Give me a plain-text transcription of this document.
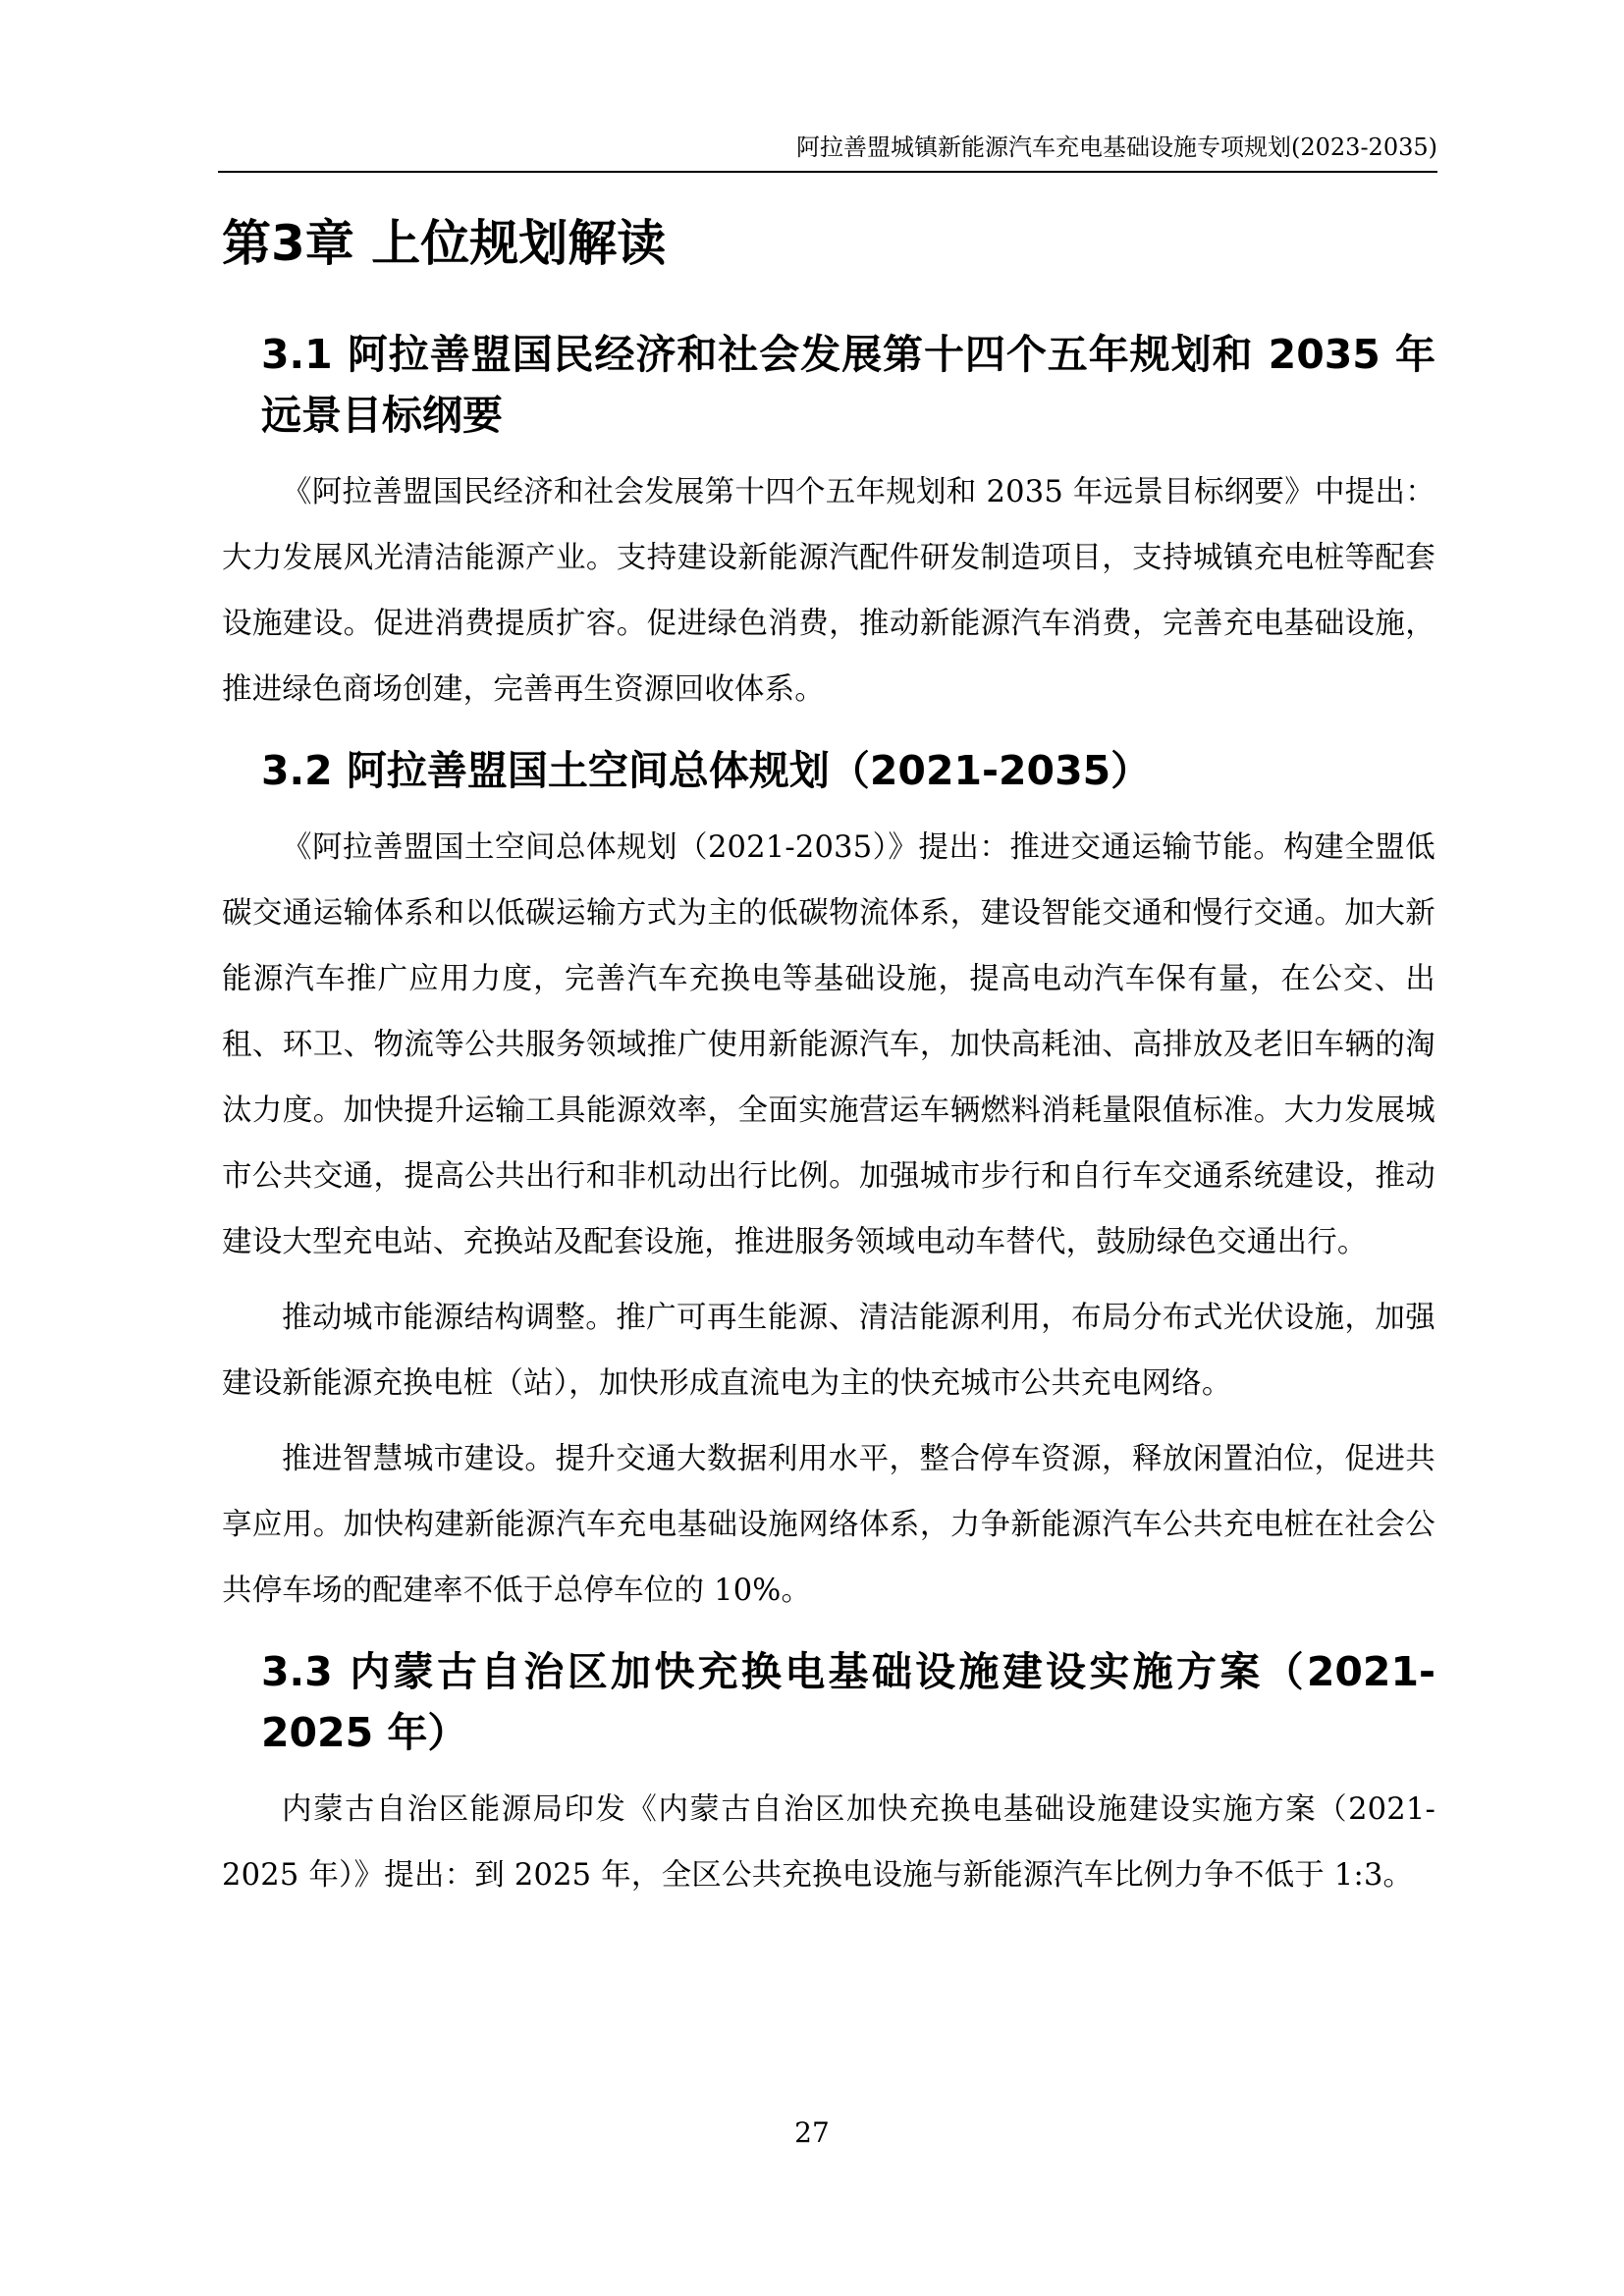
阿拉善盟城镇新能源汽车充电基础设施专项规划(2023-2035)
第3章 上位规划解读
3.1 阿拉善盟国民经济和社会发展第十四个五年规划和 2035 年远景目标纲要

《阿拉善盟国民经济和社会发展第十四个五年规划和 2035 年远景目标纲要》中提出：大力发展风光清洁能源产业。支持建设新能源汽配件研发制造项目，支持城镇充电桩等配套设施建设。促进消费提质扩容。促进绿色消费，推动新能源汽车消费，完善充电基础设施，推进绿色商场创建，完善再生资源回收体系。

3.2 阿拉善盟国土空间总体规划（2021-2035）

《阿拉善盟国土空间总体规划（2021-2035）》提出：推进交通运输节能。构建全盟低碳交通运输体系和以低碳运输方式为主的低碳物流体系，建设智能交通和慢行交通。加大新能源汽车推广应用力度，完善汽车充换电等基础设施，提高电动汽车保有量，在公交、出租、环卫、物流等公共服务领域推广使用新能源汽车，加快高耗油、高排放及老旧车辆的淘汰力度。加快提升运输工具能源效率，全面实施营运车辆燃料消耗量限值标准。大力发展城市公共交通，提高公共出行和非机动出行比例。加强城市步行和自行车交通系统建设，推动建设大型充电站、充换站及配套设施，推进服务领域电动车替代，鼓励绿色交通出行。

推动城市能源结构调整。推广可再生能源、清洁能源利用，布局分布式光伏设施，加强建设新能源充换电桩（站），加快形成直流电为主的快充城市公共充电网络。

推进智慧城市建设。提升交通大数据利用水平，整合停车资源，释放闲置泊位，促进共享应用。加快构建新能源汽车充电基础设施网络体系，力争新能源汽车公共充电桩在社会公共停车场的配建率不低于总停车位的 10%。

3.3 内蒙古自治区加快充换电基础设施建设实施方案（2021-2025 年）

内蒙古自治区能源局印发《内蒙古自治区加快充换电基础设施建设实施方案（2021-2025 年）》提出：到 2025 年，全区公共充换电设施与新能源汽车比例力争不低于 1:3。

27
